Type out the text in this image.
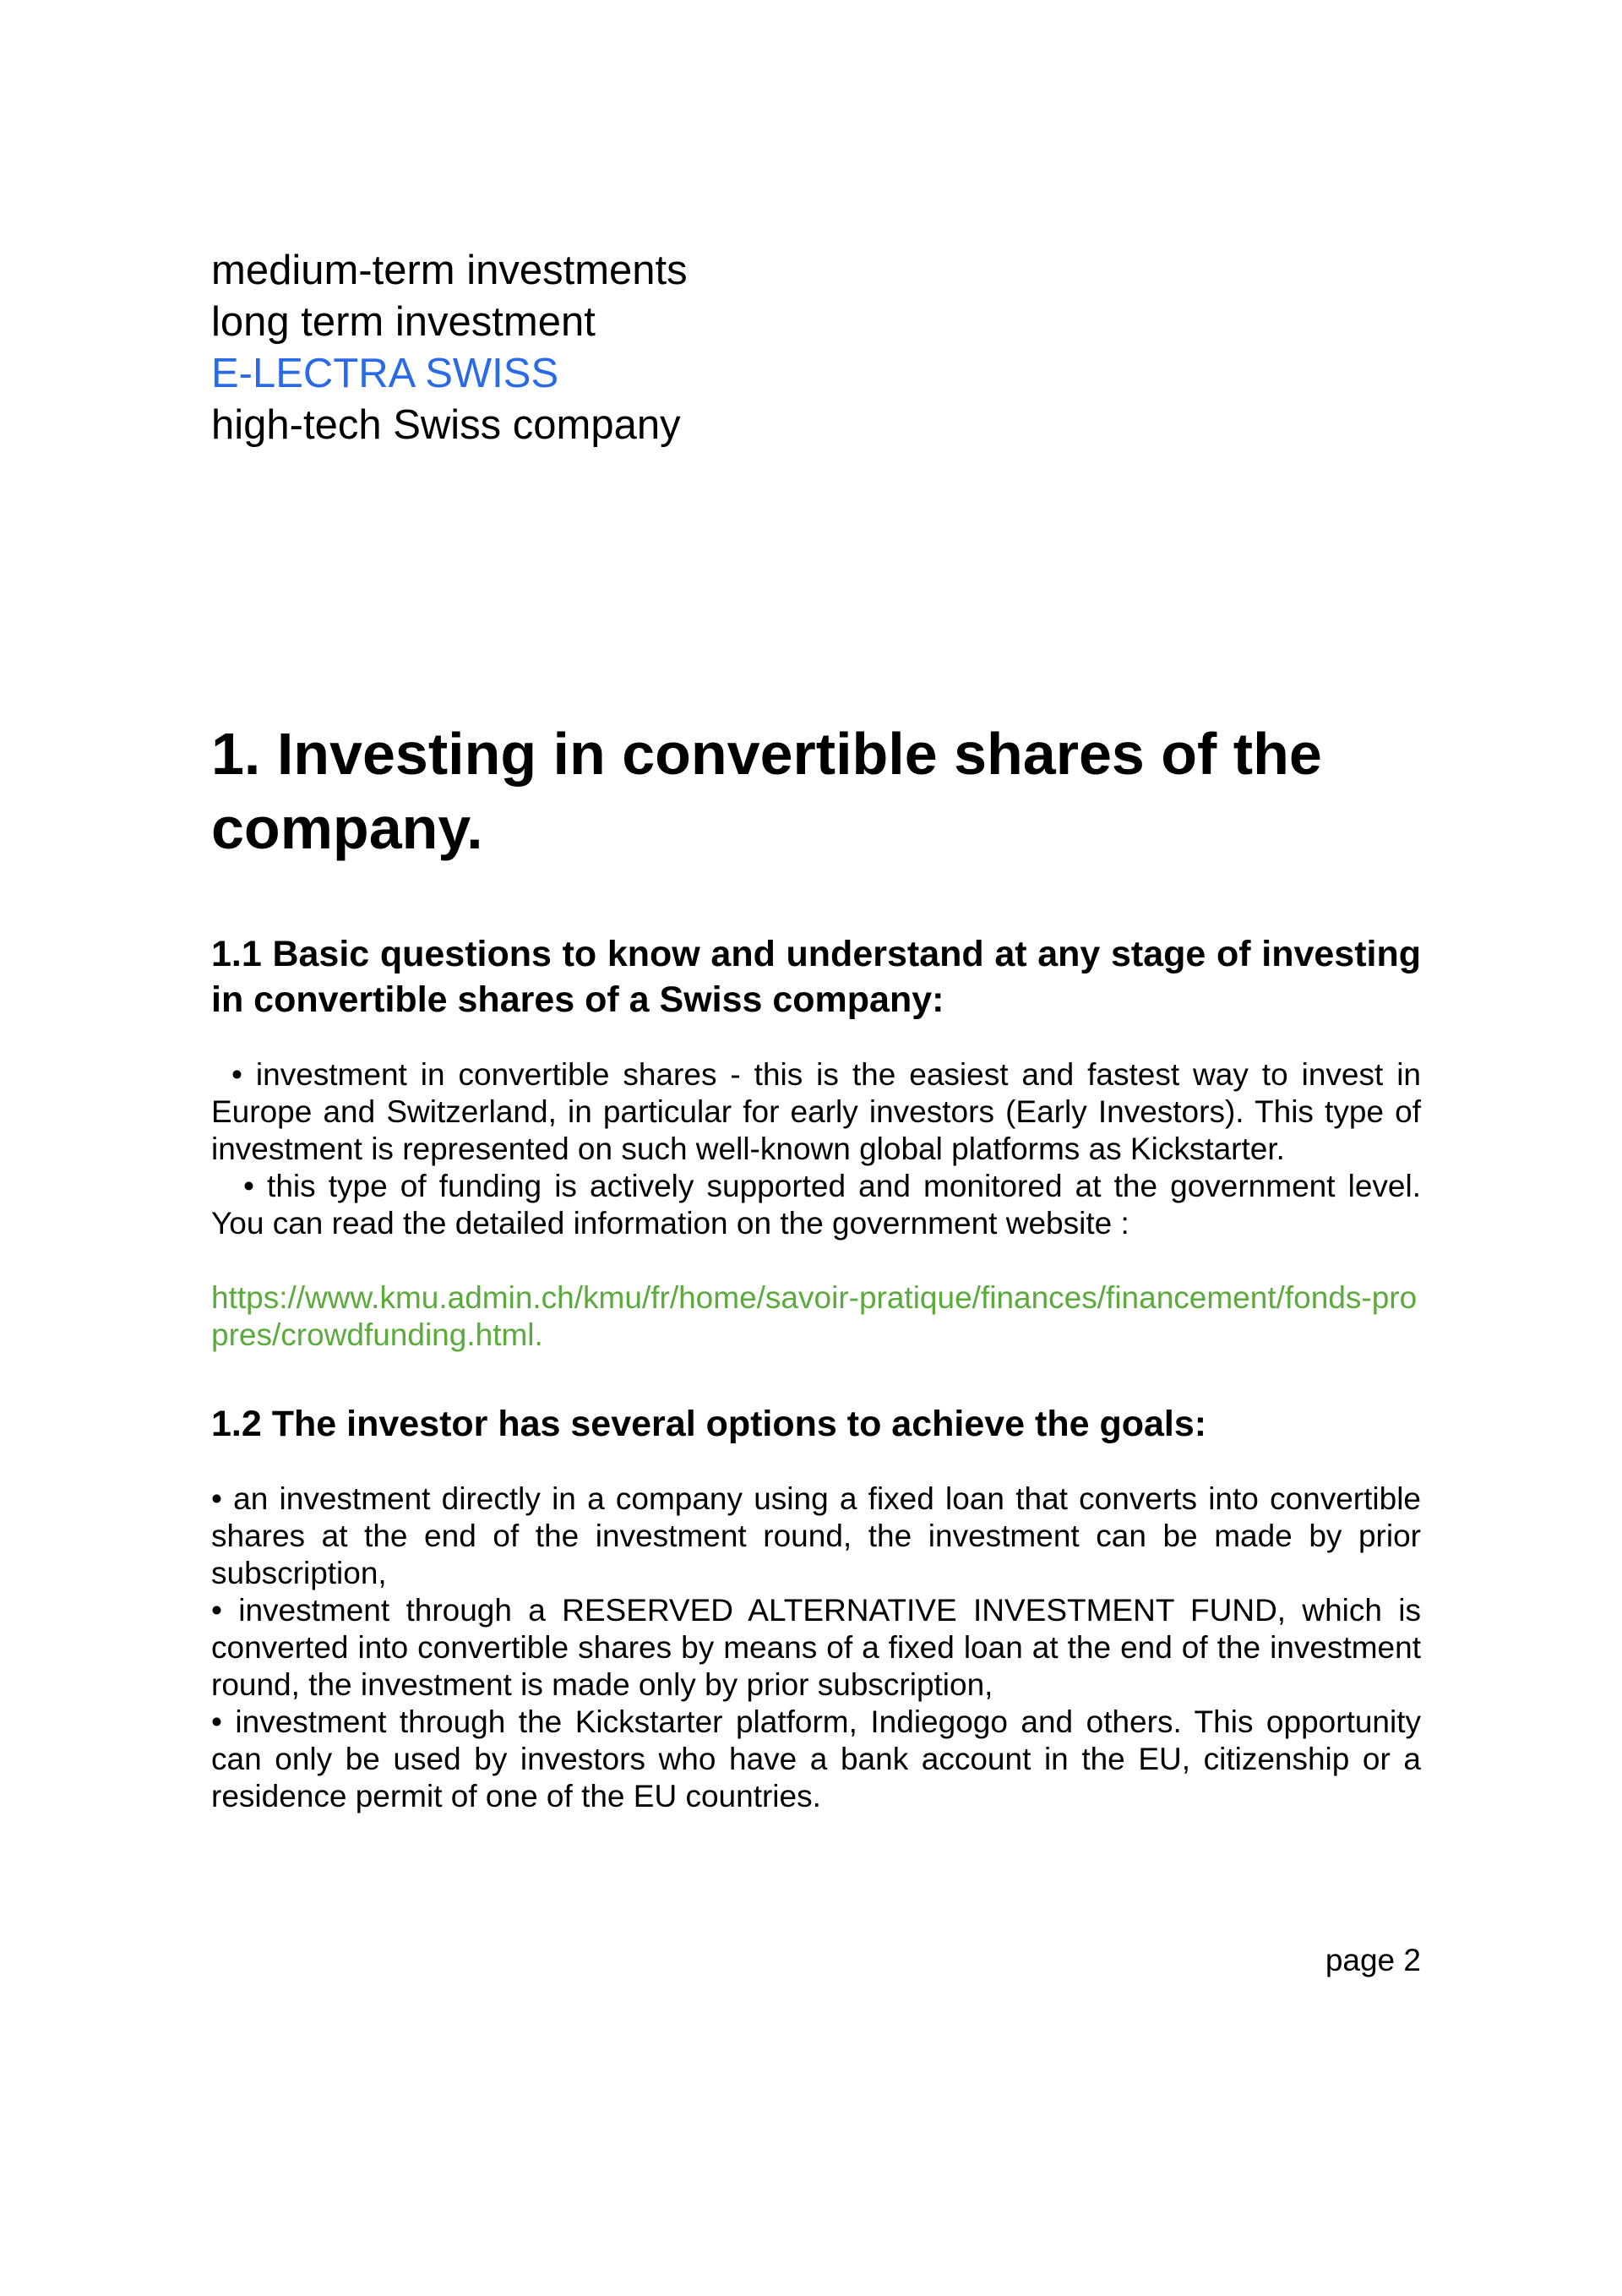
medium-term investments
long term investment
E-LECTRA SWISS
high-tech Swiss company
1. Investing in convertible shares of the company.
1.1 Basic questions to know and understand at any stage of investing in convertible shares of a Swiss company:

• investment in convertible shares - this is the easiest and fastest way to invest in Europe and Switzerland, in particular for early investors (Early Investors). This type of investment is represented on such well-known global platforms as Kickstarter.

• this type of funding is actively supported and monitored at the government level. You can read the detailed information on the government website :

https://www.kmu.admin.ch/kmu/fr/home/savoir-pratique/finances/financement/fonds-propres/crowdfunding.html.

1.2 The investor has several options to achieve the goals:

• an investment directly in a company using a fixed loan that converts into convertible shares at the end of the investment round, the investment can be made by prior subscription,

• investment through a RESERVED ALTERNATIVE INVESTMENT FUND, which is converted into convertible shares by means of a fixed loan at the end of the investment round, the investment is made only by prior subscription,

• investment through the Kickstarter platform, Indiegogo and others. This opportunity can only be used by investors who have a bank account in the EU, citizenship or a residence permit of one of the EU countries.

page 2
